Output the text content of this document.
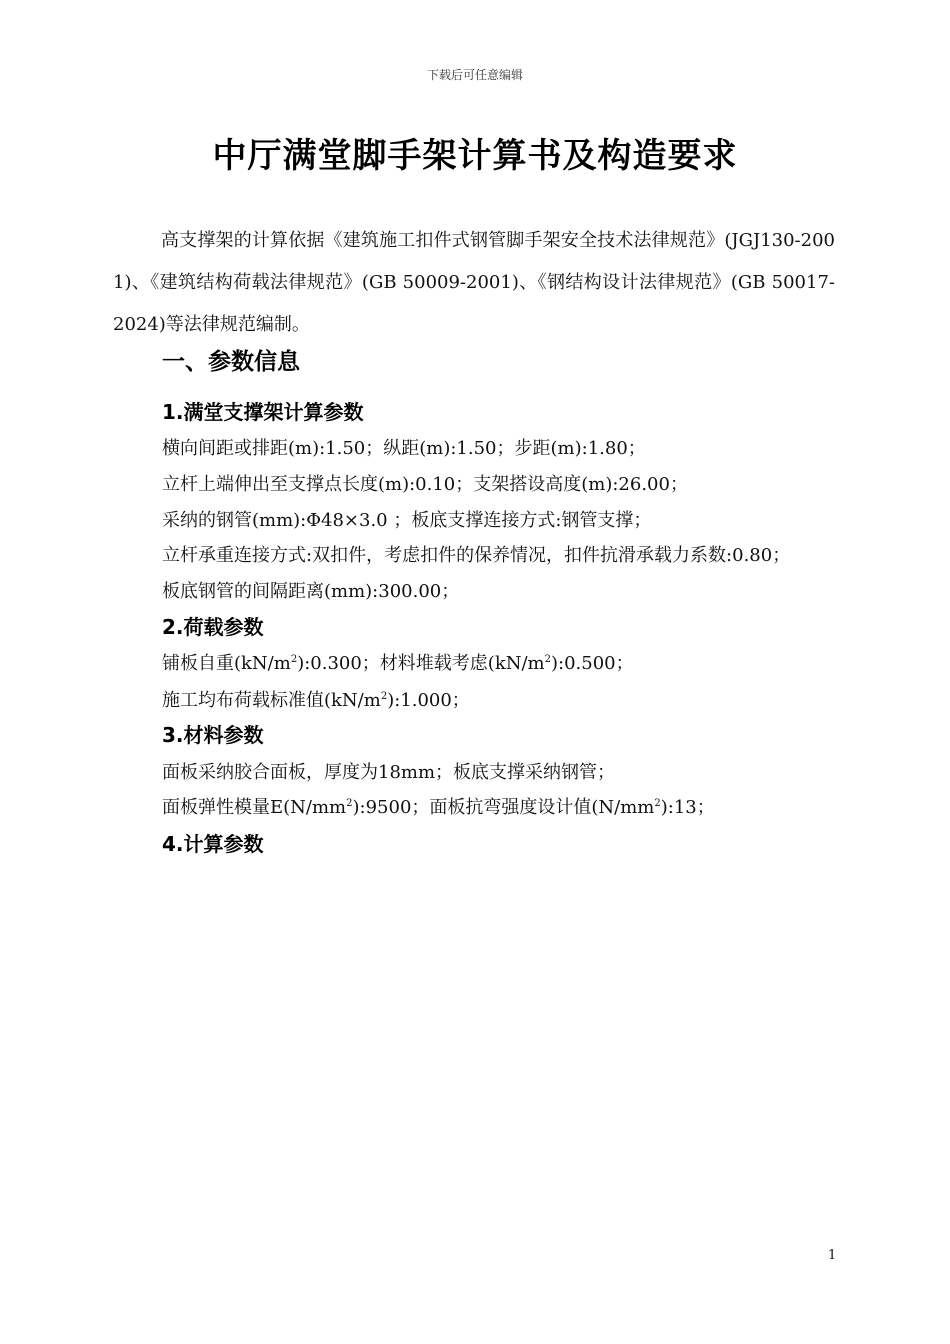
下载后可任意编辑
中厅满堂脚手架计算书及构造要求
高支撑架的计算依据《建筑施工扣件式钢管脚手架安全技术法律规范》(JGJ130-2001)、《建筑结构荷载法律规范》(GB 50009-2001)、《钢结构设计法律规范》(GB 50017-2024)等法律规范编制。
一、参数信息
1.满堂支撑架计算参数
横向间距或排距(m):1.50；纵距(m):1.50；步距(m):1.80；
立杆上端伸出至支撑点长度(m):0.10；支架搭设高度(m):26.00；
采纳的钢管(mm):Φ48×3.0 ；板底支撑连接方式:钢管支撑；
立杆承重连接方式:双扣件，考虑扣件的保养情况，扣件抗滑承载力系数:0.80；
板底钢管的间隔距离(mm):300.00；
2.荷载参数
铺板自重$(kN/m^2):0.300$；材料堆载考虑$(kN/m^2):0.500$；
施工均布荷载标准值$(kN/m^2):1.000$；
3.材料参数
面板采纳胶合面板，厚度为18mm；板底支撑采纳钢管；
面板弹性模量$E(N/mm^2):9500$；面板抗弯强度设计值$(N/mm^2):13$；
4.计算参数
1
